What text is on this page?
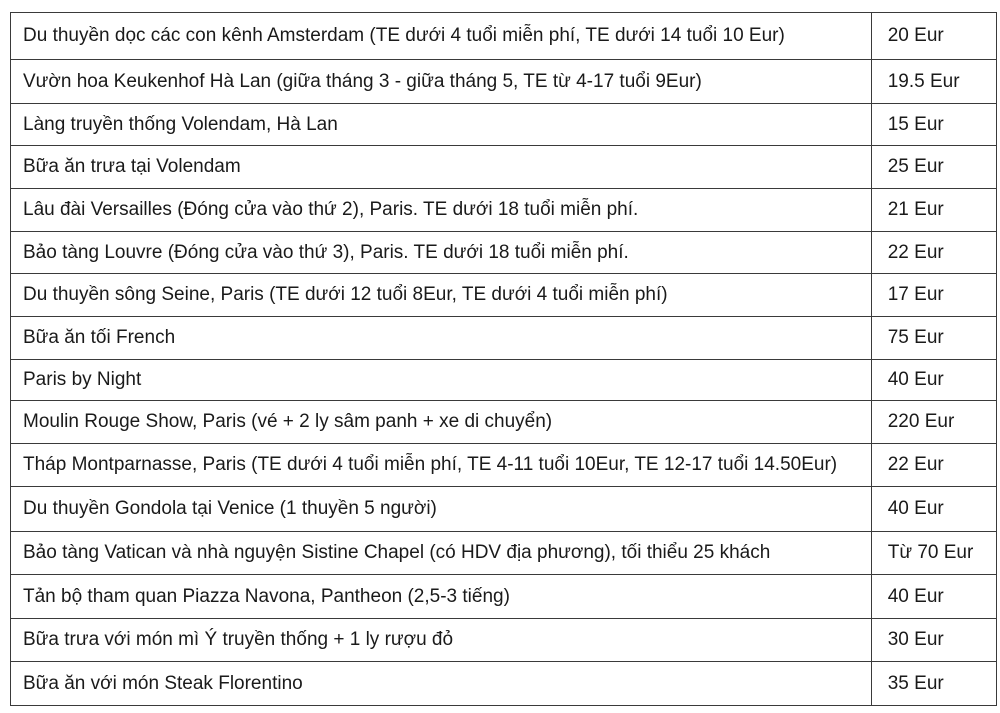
Du thuyền dọc các con kênh Amsterdam (TE dưới 4 tuổi miễn phí, TE dưới 14 tuổi 10 Eur)	20 Eur
Vườn hoa Keukenhof Hà Lan (giữa tháng 3 - giữa tháng 5, TE từ 4-17 tuổi 9Eur)	19.5 Eur
Làng truyền thống Volendam, Hà Lan	15 Eur
Bữa ăn trưa tại Volendam	25 Eur
Lâu đài Versailles (Đóng cửa vào thứ 2), Paris. TE dưới 18 tuổi miễn phí.	21 Eur
Bảo tàng Louvre (Đóng cửa vào thứ 3), Paris. TE dưới 18 tuổi miễn phí.	22 Eur
Du thuyền sông Seine, Paris (TE dưới 12 tuổi 8Eur, TE dưới 4 tuổi miễn phí)	17 Eur
Bữa ăn tối French	75 Eur
Paris by Night	40 Eur
Moulin Rouge Show, Paris (vé + 2 ly sâm panh + xe di chuyển)	220 Eur
Tháp Montparnasse, Paris (TE dưới 4 tuổi miễn phí, TE 4-11 tuổi 10Eur, TE 12-17 tuổi 14.50Eur)	22 Eur
Du thuyền Gondola tại Venice (1 thuyền 5 người)	40 Eur
Bảo tàng Vatican và nhà nguyện Sistine Chapel (có HDV địa phương), tối thiểu 25 khách	Từ 70 Eur
Tản bộ tham quan Piazza Navona, Pantheon (2,5-3 tiếng)	40 Eur
Bữa trưa với món mì Ý truyền thống + 1 ly rượu đỏ	30 Eur
Bữa ăn với món Steak Florentino	35 Eur
